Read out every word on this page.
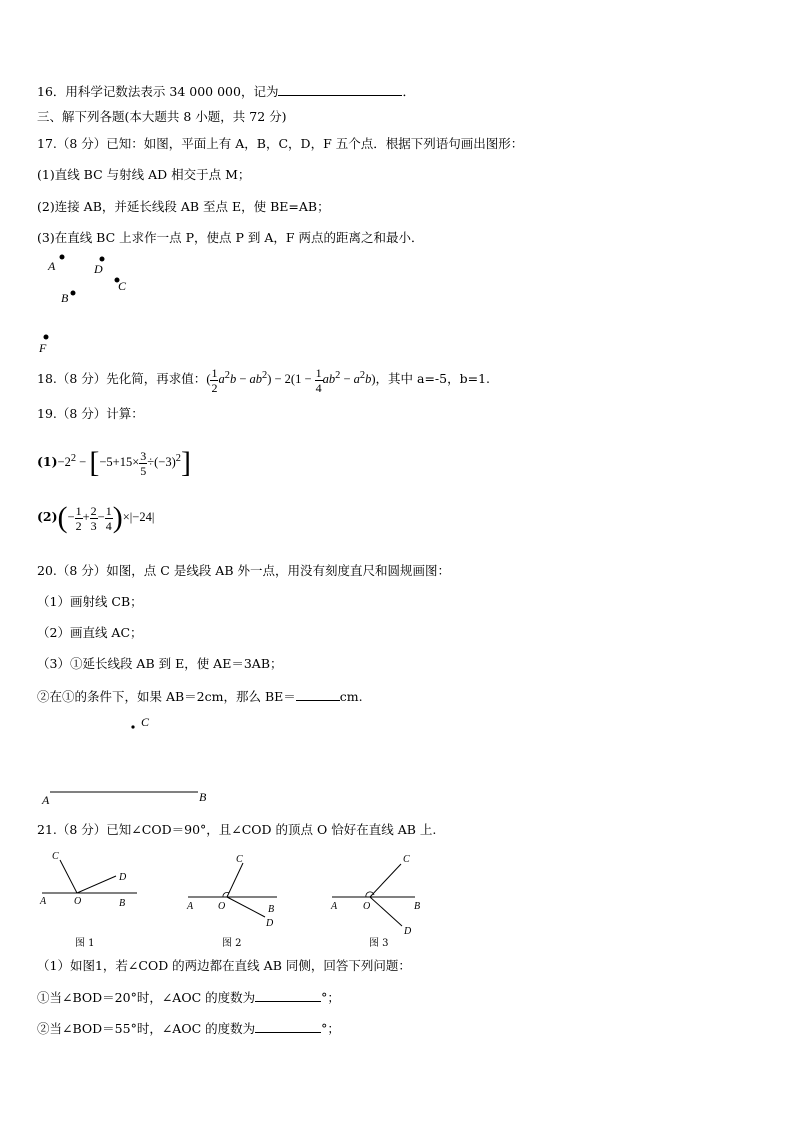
16．用科学记数法表示 34 000 000，记为	．
三、解下列各题(本大题共 8 小题，共 72 分)
17.（8 分）已知：如图，平面上有 A，B，C，D，F 五个点．根据下列语句画出图形：
(1)直线 BC 与射线 AD 相交于点 M；
(2)连接 AB，并延长线段 AB 至点 E，使 BE=AB；
(3)在直线 BC 上求作一点 P，使点 P 到 A，F 两点的距离之和最小．
A	D
C
B
F
C
A	B
C
D
A	O	B
C
D
A O	B
C
D
A	O	B
18.（8 分）先化简，再求值：( $\frac{1}{2} a^2b - ab^2) - 2(1 - \frac{1}{4} ab^2 - a^2b)$，其中 a=-5，b=1.
19.（8 分）计算：
$(1)-2^2 - [-5+15\times \frac{3}{5} \div(-3)^2]$
$(2)(- \frac{1}{2} + \frac{2}{3} - \frac{1}{4} )\times|-24|$
20.（8 分）如图，点 C 是线段 AB 外一点，用没有刻度直尺和圆规画图：
（1）画射线 CB；
（2）画直线 AC；
（3）①延长线段 AB 到 E，使 AE＝3AB；
②在①的条件下，如果 AB＝2cm，那么 BE＝	cm.
21.（8 分）已知∠COD＝90°，且∠COD 的顶点 O 恰好在直线 AB 上.
图 1	图 2	图 3
（1）如图1，若∠COD 的两边都在直线 AB 同侧，回答下列问题：
①当∠BOD＝20°时，∠AOC 的度数为	°；
②当∠BOD＝55°时，∠AOC 的度数为	°；
